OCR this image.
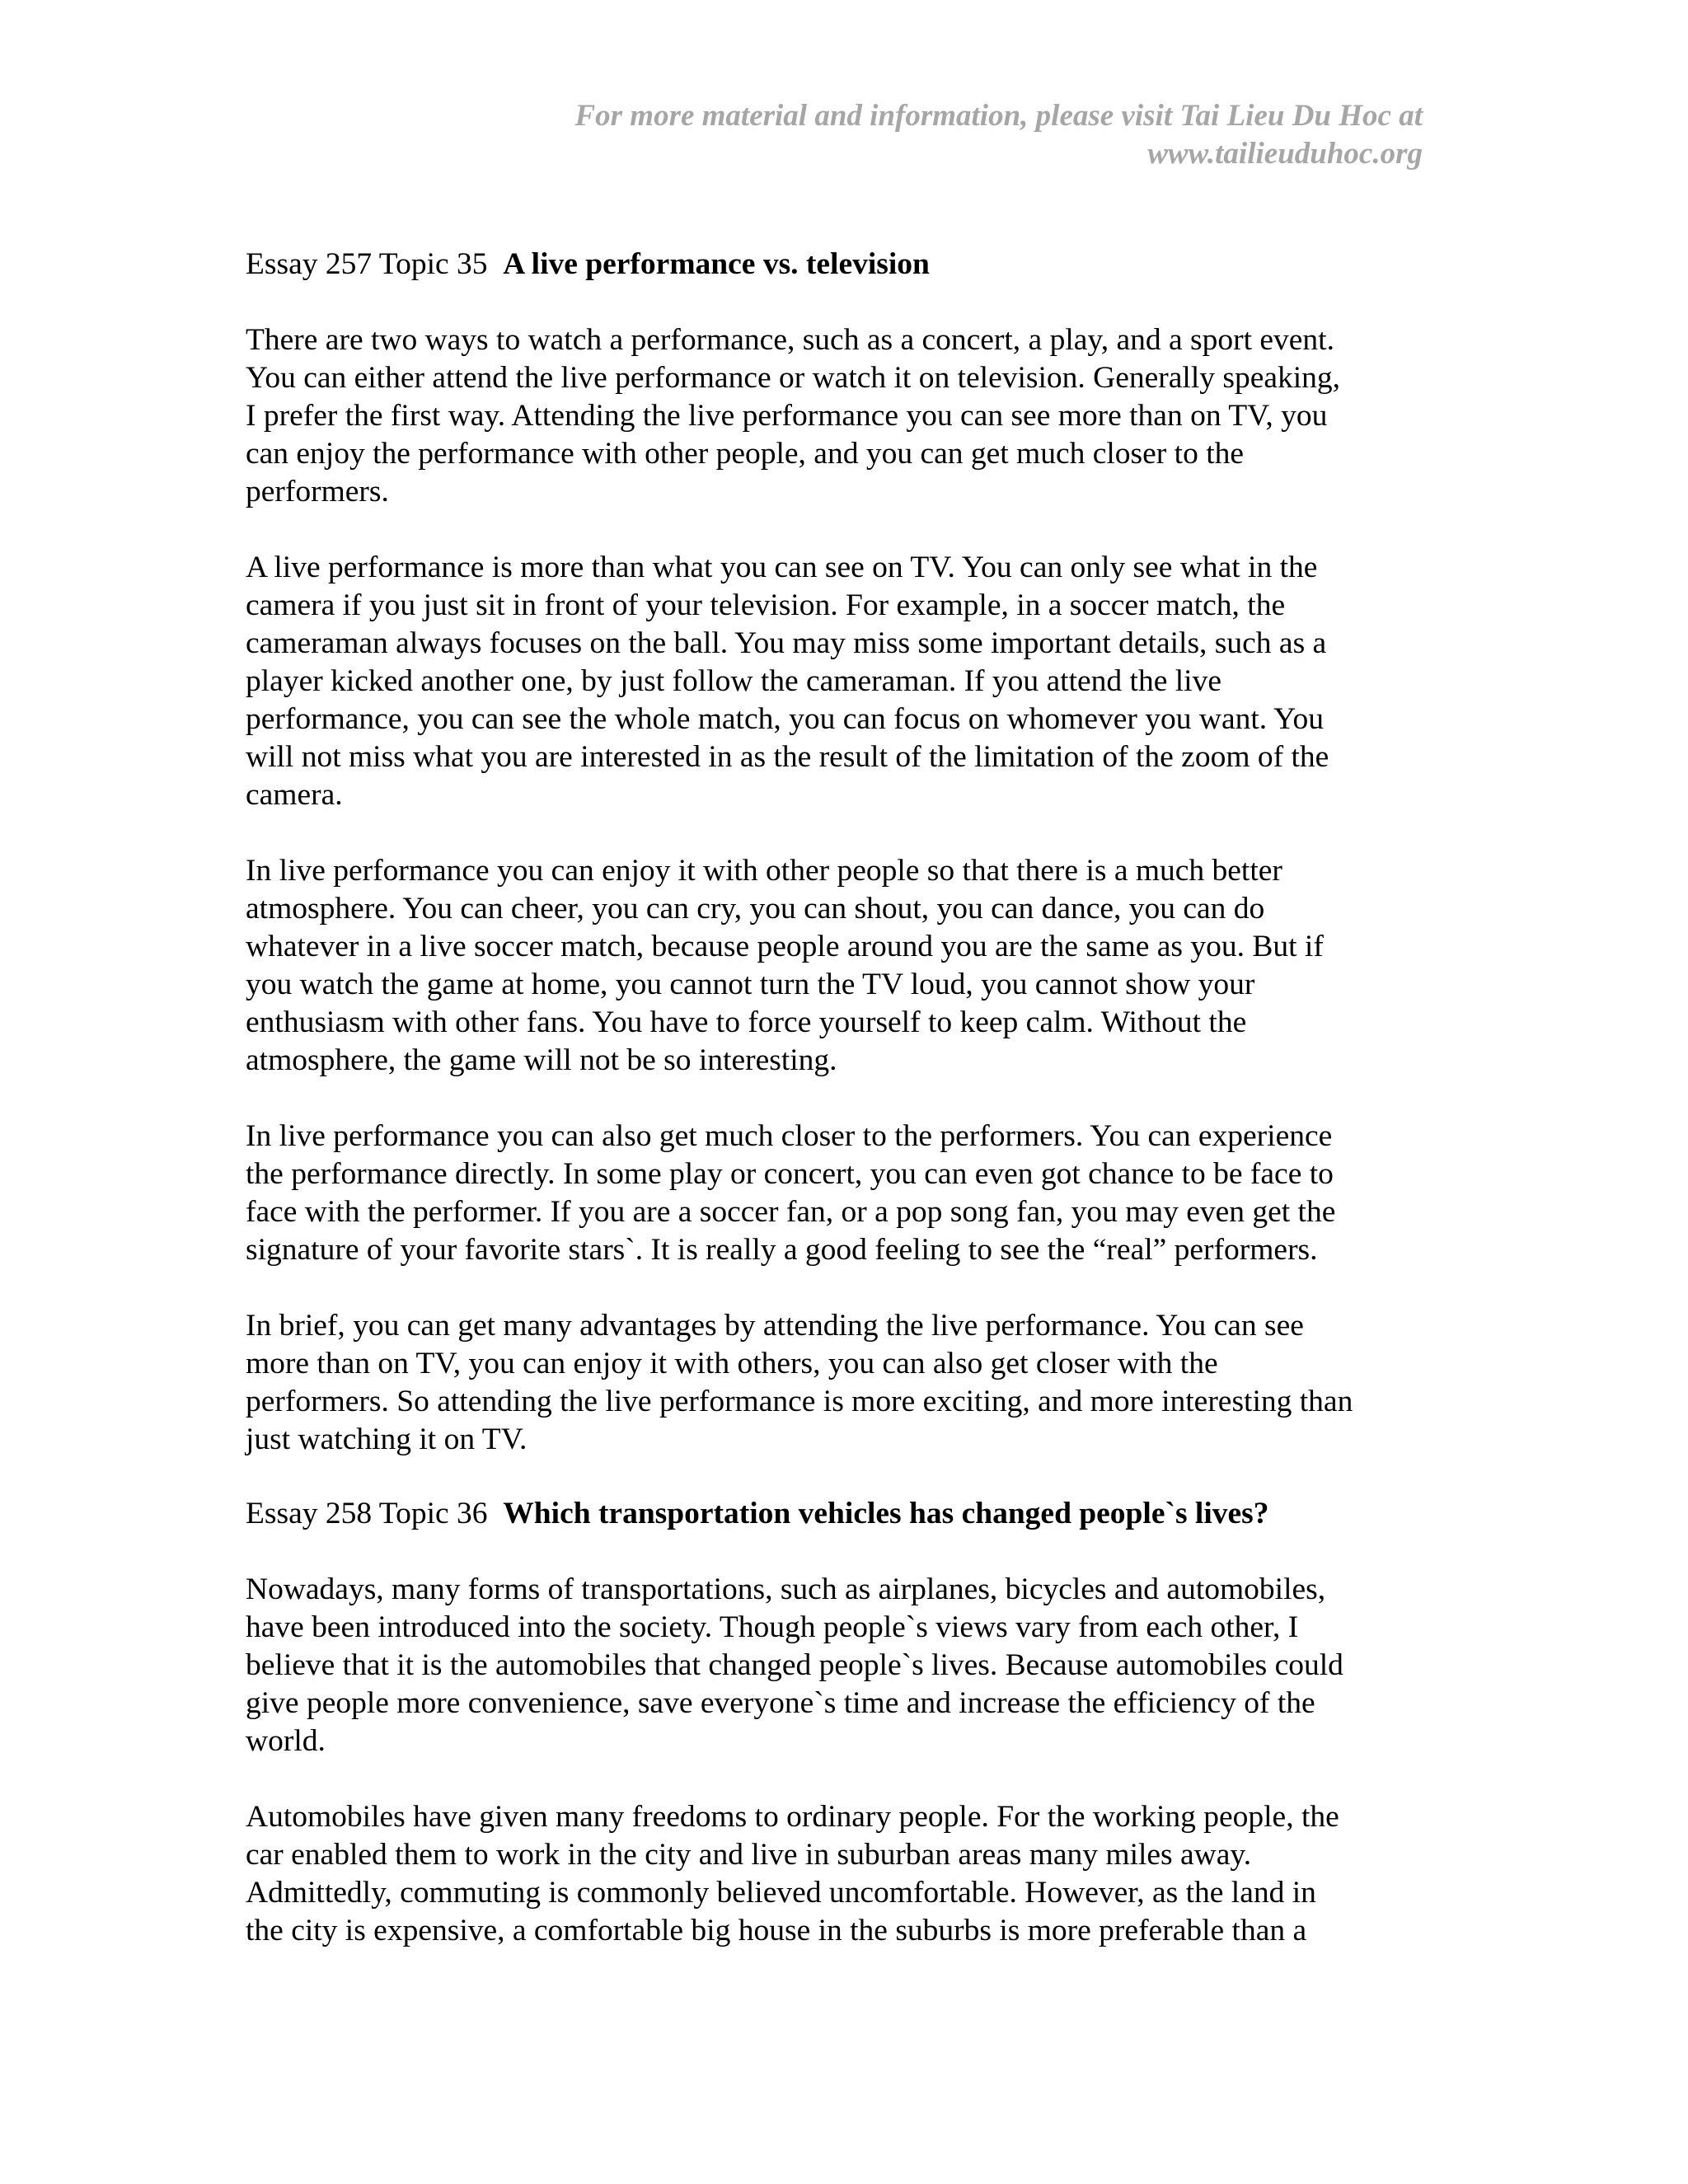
For more material and information, please visit Tai Lieu Du Hoc at
www.tailieuduhoc.org
Essay 257 Topic 35 A live performance vs. television
There are two ways to watch a performance, such as a concert, a play, and a sport event.
You can either attend the live performance or watch it on television. Generally speaking,
I prefer the first way. Attending the live performance you can see more than on TV, you
can enjoy the performance with other people, and you can get much closer to the
performers.
A live performance is more than what you can see on TV. You can only see what in the
camera if you just sit in front of your television. For example, in a soccer match, the
cameraman always focuses on the ball. You may miss some important details, such as a
player kicked another one, by just follow the cameraman. If you attend the live
performance, you can see the whole match, you can focus on whomever you want. You
will not miss what you are interested in as the result of the limitation of the zoom of the
camera.
In live performance you can enjoy it with other people so that there is a much better
atmosphere. You can cheer, you can cry, you can shout, you can dance, you can do
whatever in a live soccer match, because people around you are the same as you. But if
you watch the game at home, you cannot turn the TV loud, you cannot show your
enthusiasm with other fans. You have to force yourself to keep calm. Without the
atmosphere, the game will not be so interesting.
In live performance you can also get much closer to the performers. You can experience
the performance directly. In some play or concert, you can even got chance to be face to
face with the performer. If you are a soccer fan, or a pop song fan, you may even get the
signature of your favorite stars`. It is really a good feeling to see the “real” performers.
In brief, you can get many advantages by attending the live performance. You can see
more than on TV, you can enjoy it with others, you can also get closer with the
performers. So attending the live performance is more exciting, and more interesting than
just watching it on TV.
Essay 258 Topic 36 Which transportation vehicles has changed people`s lives?
Nowadays, many forms of transportations, such as airplanes, bicycles and automobiles,
have been introduced into the society. Though people`s views vary from each other, I
believe that it is the automobiles that changed people`s lives. Because automobiles could
give people more convenience, save everyone`s time and increase the efficiency of the
world.
Automobiles have given many freedoms to ordinary people. For the working people, the
car enabled them to work in the city and live in suburban areas many miles away.
Admittedly, commuting is commonly believed uncomfortable. However, as the land in
the city is expensive, a comfortable big house in the suburbs is more preferable than a
